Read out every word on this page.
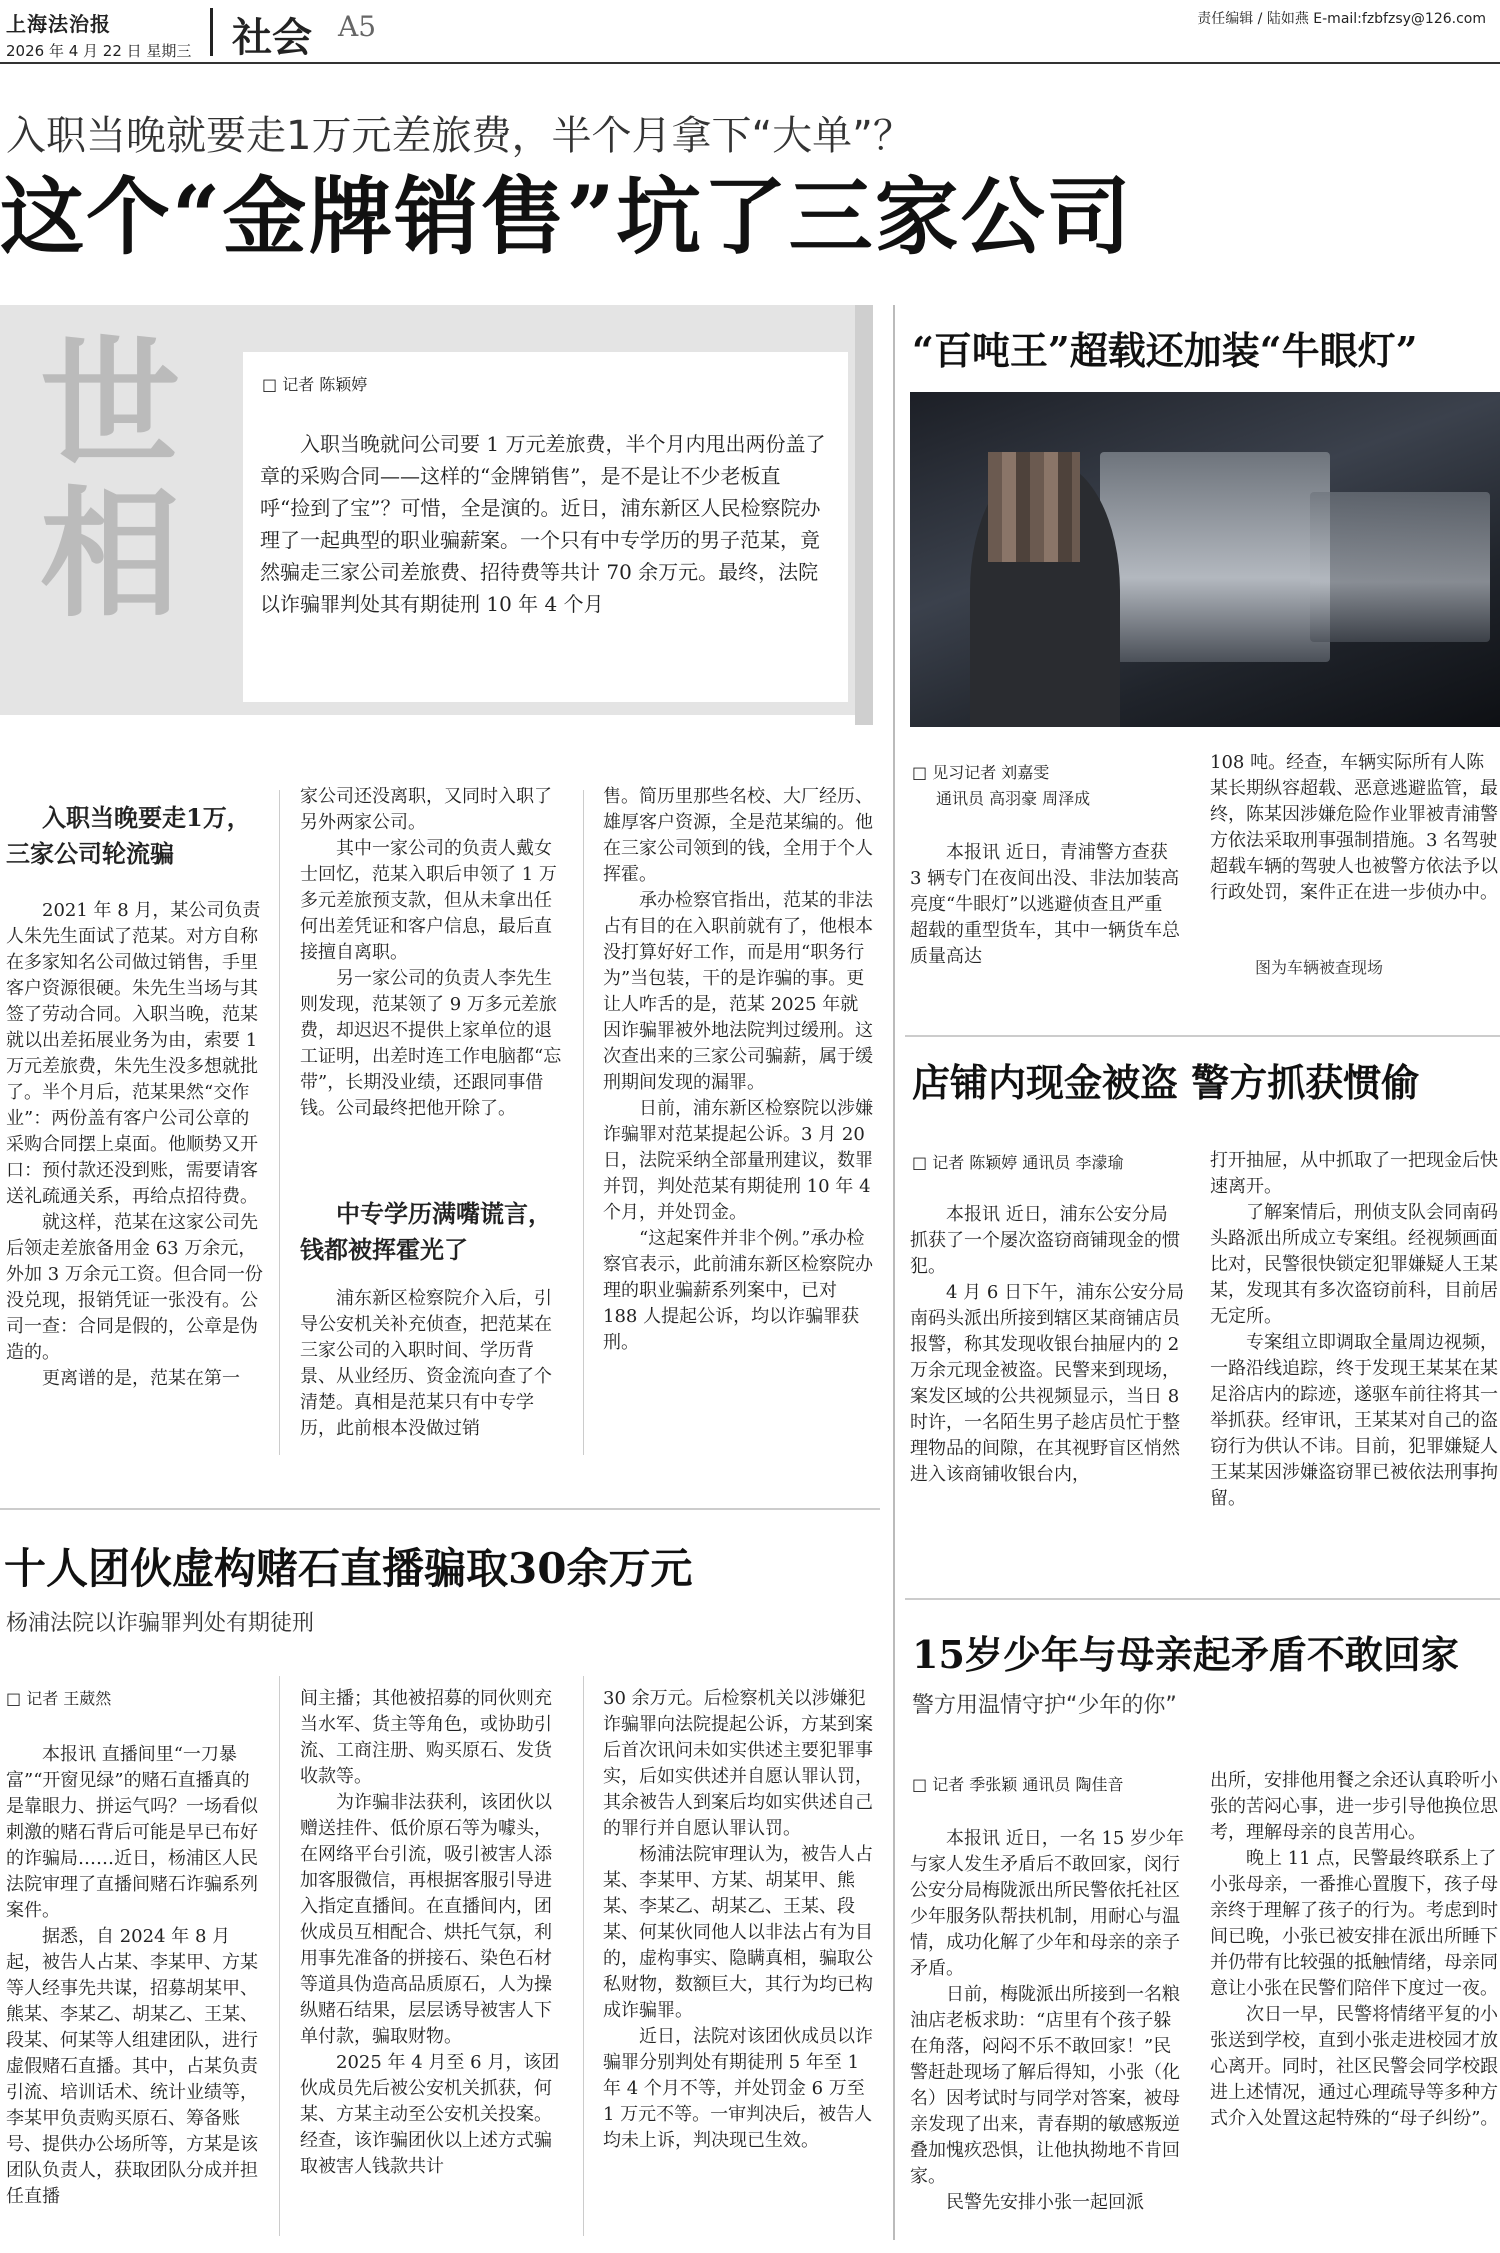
上海法治报
2026 年 4 月 22 日 星期三 社会 A5	责任编辑 / 陆如燕 E-mail:fzbfzsy@126.com
入职当晚就要走1万元差旅费，半个月拿下“大单”？
这个“金牌销售”坑了三家公司
世相
□ 记者 陈颖婷
入职当晚就问公司要 1 万元差旅费，半个月内甩出两份盖了章的采购合同——这样的“金牌销售”，是不是让不少老板直呼“捡到了宝”？可惜，全是演的。近日，浦东新区人民检察院办理了一起典型的职业骗薪案。一个只有中专学历的男子范某，竟然骗走三家公司差旅费、招待费等共计 70 余万元。最终，法院以诈骗罪判处其有期徒刑 10 年 4 个月
入职当晚要走1万，三家公司轮流骗

2021 年 8 月，某公司负责人朱先生面试了范某。对方自称在多家知名公司做过销售，手里客户资源很硬。朱先生当场与其签了劳动合同。入职当晚，范某就以出差拓展业务为由，索要 1 万元差旅费，朱先生没多想就批了。半个月后，范某果然“交作业”：两份盖有客户公司公章的采购合同摆上桌面。他顺势又开口：预付款还没到账，需要请客送礼疏通关系，再给点招待费。

就这样，范某在这家公司先后领走差旅备用金 63 万余元，外加 3 万余元工资。但合同一份没兑现，报销凭证一张没有。公司一查：合同是假的，公章是伪造的。

更离谱的是，范某在第一

家公司还没离职，又同时入职了另外两家公司。

其中一家公司的负责人戴女士回忆，范某入职后申领了 1 万多元差旅预支款，但从未拿出任何出差凭证和客户信息，最后直接擅自离职。

另一家公司的负责人李先生则发现，范某领了 9 万多元差旅费，却迟迟不提供上家单位的退工证明，出差时连工作电脑都“忘带”，长期没业绩，还跟同事借钱。公司最终把他开除了。

中专学历满嘴谎言，钱都被挥霍光了

浦东新区检察院介入后，引导公安机关补充侦查，把范某在三家公司的入职时间、学历背景、从业经历、资金流向查了个清楚。真相是范某只有中专学历，此前根本没做过销

售。简历里那些名校、大厂经历、雄厚客户资源，全是范某编的。他在三家公司领到的钱，全用于个人挥霍。

承办检察官指出，范某的非法占有目的在入职前就有了，他根本没打算好好工作，而是用“职务行为”当包装，干的是诈骗的事。更让人咋舌的是，范某 2025 年就因诈骗罪被外地法院判过缓刑。这次查出来的三家公司骗薪，属于缓刑期间发现的漏罪。

日前，浦东新区检察院以涉嫌诈骗罪对范某提起公诉。3 月 20 日，法院采纳全部量刑建议，数罪并罚，判处范某有期徒刑 10 年 4 个月，并处罚金。

“这起案件并非个例。”承办检察官表示，此前浦东新区检察院办理的职业骗薪系列案中，已对 188 人提起公诉，均以诈骗罪获刑。

“百吨王”超载还加装“牛眼灯”
□ 见习记者 刘嘉雯
通讯员 高羽豪 周泽成

本报讯 近日，青浦警方查获 3 辆专门在夜间出没、非法加装高亮度“牛眼灯”以逃避侦查且严重超载的重型货车，其中一辆货车总质量高达

108 吨。经查，车辆实际所有人陈某长期纵容超载、恶意逃避监管，最终，陈某因涉嫌危险作业罪被青浦警方依法采取刑事强制措施。3 名驾驶超载车辆的驾驶人也被警方依法予以行政处罚，案件正在进一步侦办中。

图为车辆被查现场
店铺内现金被盗 警方抓获惯偷
□ 记者 陈颖婷 通讯员 李濛瑜

本报讯 近日，浦东公安分局抓获了一个屡次盗窃商铺现金的惯犯。

4 月 6 日下午，浦东公安分局南码头派出所接到辖区某商铺店员报警，称其发现收银台抽屉内的 2 万余元现金被盗。民警来到现场，案发区域的公共视频显示，当日 8 时许，一名陌生男子趁店员忙于整理物品的间隙，在其视野盲区悄然进入该商铺收银台内，

打开抽屉，从中抓取了一把现金后快速离开。

了解案情后，刑侦支队会同南码头路派出所成立专案组。经视频画面比对，民警很快锁定犯罪嫌疑人王某某，发现其有多次盗窃前科，目前居无定所。

专案组立即调取全量周边视频，一路沿线追踪，终于发现王某某在某足浴店内的踪迹，遂驱车前往将其一举抓获。经审讯，王某某对自己的盗窃行为供认不讳。目前，犯罪嫌疑人王某某因涉嫌盗窃罪已被依法刑事拘留。

十人团伙虚构赌石直播骗取30余万元
杨浦法院以诈骗罪判处有期徒刑
□ 记者 王葳然

本报讯 直播间里“一刀暴富”“开窗见绿”的赌石直播真的是靠眼力、拼运气吗？一场看似刺激的赌石背后可能是早已布好的诈骗局……近日，杨浦区人民法院审理了直播间赌石诈骗系列案件。

据悉，自 2024 年 8 月起，被告人占某、李某甲、方某等人经事先共谋，招募胡某甲、熊某、李某乙、胡某乙、王某、段某、何某等人组建团队，进行虚假赌石直播。其中，占某负责引流、培训话术、统计业绩等，李某甲负责购买原石、筹备账号、提供办公场所等，方某是该团队负责人，获取团队分成并担任直播

间主播；其他被招募的同伙则充当水军、货主等角色，或协助引流、工商注册、购买原石、发货收款等。

为诈骗非法获利，该团伙以赠送挂件、低价原石等为噱头，在网络平台引流，吸引被害人添加客服微信，再根据客服引导进入指定直播间。在直播间内，团伙成员互相配合、烘托气氛，利用事先准备的拼接石、染色石材等道具伪造高品质原石，人为操纵赌石结果，层层诱导被害人下单付款，骗取财物。

2025 年 4 月至 6 月，该团伙成员先后被公安机关抓获，何某、方某主动至公安机关投案。经查，该诈骗团伙以上述方式骗取被害人钱款共计

30 余万元。后检察机关以涉嫌犯诈骗罪向法院提起公诉，方某到案后首次讯问未如实供述主要犯罪事实，后如实供述并自愿认罪认罚，其余被告人到案后均如实供述自己的罪行并自愿认罪认罚。

杨浦法院审理认为，被告人占某、李某甲、方某、胡某甲、熊某、李某乙、胡某乙、王某、段某、何某伙同他人以非法占有为目的，虚构事实、隐瞒真相，骗取公私财物，数额巨大，其行为均已构成诈骗罪。

近日，法院对该团伙成员以诈骗罪分别判处有期徒刑 5 年至 1 年 4 个月不等，并处罚金 6 万至 1 万元不等。一审判决后，被告人均未上诉，判决现已生效。

15岁少年与母亲起矛盾不敢回家
警方用温情守护“少年的你”
□ 记者 季张颖 通讯员 陶佳音

本报讯 近日，一名 15 岁少年与家人发生矛盾后不敢回家，闵行公安分局梅陇派出所民警依托社区少年服务队帮扶机制，用耐心与温情，成功化解了少年和母亲的亲子矛盾。

日前，梅陇派出所接到一名粮油店老板求助：“店里有个孩子躲在角落，闷闷不乐不敢回家！”民警赶赴现场了解后得知，小张（化名）因考试时与同学对答案，被母亲发现了出来，青春期的敏感叛逆叠加愧疚恐惧，让他执拗地不肯回家。

民警先安排小张一起回派

出所，安排他用餐之余还认真聆听小张的苦闷心事，进一步引导他换位思考，理解母亲的良苦用心。

晚上 11 点，民警最终联系上了小张母亲，一番推心置腹下，孩子母亲终于理解了孩子的行为。考虑到时间已晚，小张已被安排在派出所睡下并仍带有比较强的抵触情绪，母亲同意让小张在民警们陪伴下度过一夜。

次日一早，民警将情绪平复的小张送到学校，直到小张走进校园才放心离开。同时，社区民警会同学校跟进上述情况，通过心理疏导等多种方式介入处置这起特殊的“母子纠纷”。
